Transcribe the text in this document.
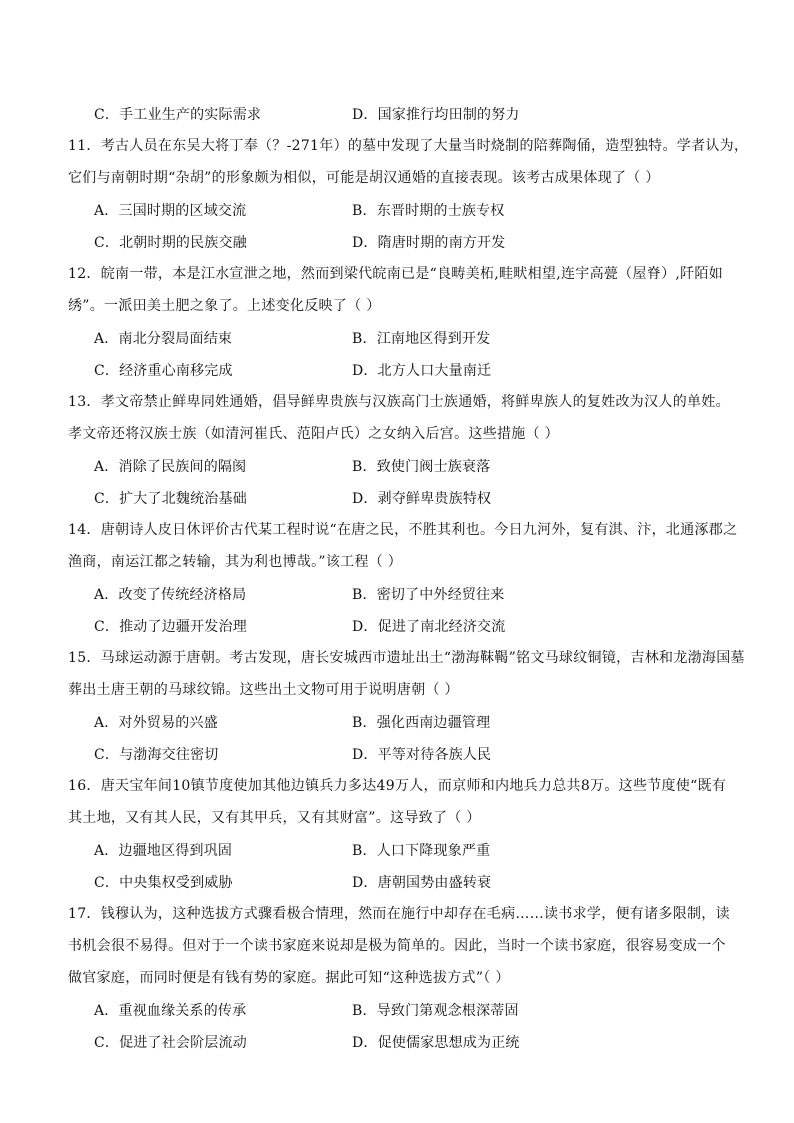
C．手工业生产的实际需求	D．国家推行均田制的努力
11．考古人员在东吴大将丁奉（？-271年）的墓中发现了大量当时烧制的陪葬陶俑，造型独特。学者认为，
它们与南朝时期“杂胡”的形象颇为相似，可能是胡汉通婚的直接表现。该考古成果体现了（ ）
A．三国时期的区域交流	B．东晋时期的士族专权
C．北朝时期的民族交融	D．隋唐时期的南方开发
12．皖南一带，本是江水宣泄之地，然而到梁代皖南已是“良畴美柘,畦畎相望,连宇高甍（屋脊）,阡陌如
绣”。一派田美土肥之象了。上述变化反映了（ ）
A．南北分裂局面结束	B．江南地区得到开发
C．经济重心南移完成	D．北方人口大量南迁
13．孝文帝禁止鲜卑同姓通婚，倡导鲜卑贵族与汉族高门士族通婚，将鲜卑族人的复姓改为汉人的单姓。
孝文帝还将汉族士族（如清河崔氏、范阳卢氏）之女纳入后宫。这些措施（ ）
A．消除了民族间的隔阂	B．致使门阀士族衰落
C．扩大了北魏统治基础	D．剥夺鲜卑贵族特权
14．唐朝诗人皮日休评价古代某工程时说“在唐之民，不胜其利也。今日九河外，复有淇、汴，北通涿郡之
渔商，南运江都之转输，其为利也博哉。”该工程（ ）
A．改变了传统经济格局	B．密切了中外经贸往来
C．推动了边疆开发治理	D．促进了南北经济交流
15．马球运动源于唐朝。考古发现，唐长安城西市遗址出土“渤海靺鞨”铭文马球纹铜镜，吉林和龙渤海国墓
葬出土唐王朝的马球纹锦。这些出土文物可用于说明唐朝（ ）
A．对外贸易的兴盛	B．强化西南边疆管理
C．与渤海交往密切	D．平等对待各族人民
16．唐天宝年间10镇节度使加其他边镇兵力多达49万人，而京师和内地兵力总共8万。这些节度使“既有
其土地，又有其人民，又有其甲兵，又有其财富”。这导致了（ ）
A．边疆地区得到巩固	B．人口下降现象严重
C．中央集权受到威胁	D．唐朝国势由盛转衰
17．钱穆认为，这种选拔方式骤看极合情理，然而在施行中却存在毛病……读书求学，便有诸多限制，读
书机会很不易得。但对于一个读书家庭来说却是极为简单的。因此，当时一个读书家庭，很容易变成一个
做官家庭，而同时便是有钱有势的家庭。据此可知“这种选拔方式”（ ）
A．重视血缘关系的传承	B．导致门第观念根深蒂固
C．促进了社会阶层流动	D．促使儒家思想成为正统
